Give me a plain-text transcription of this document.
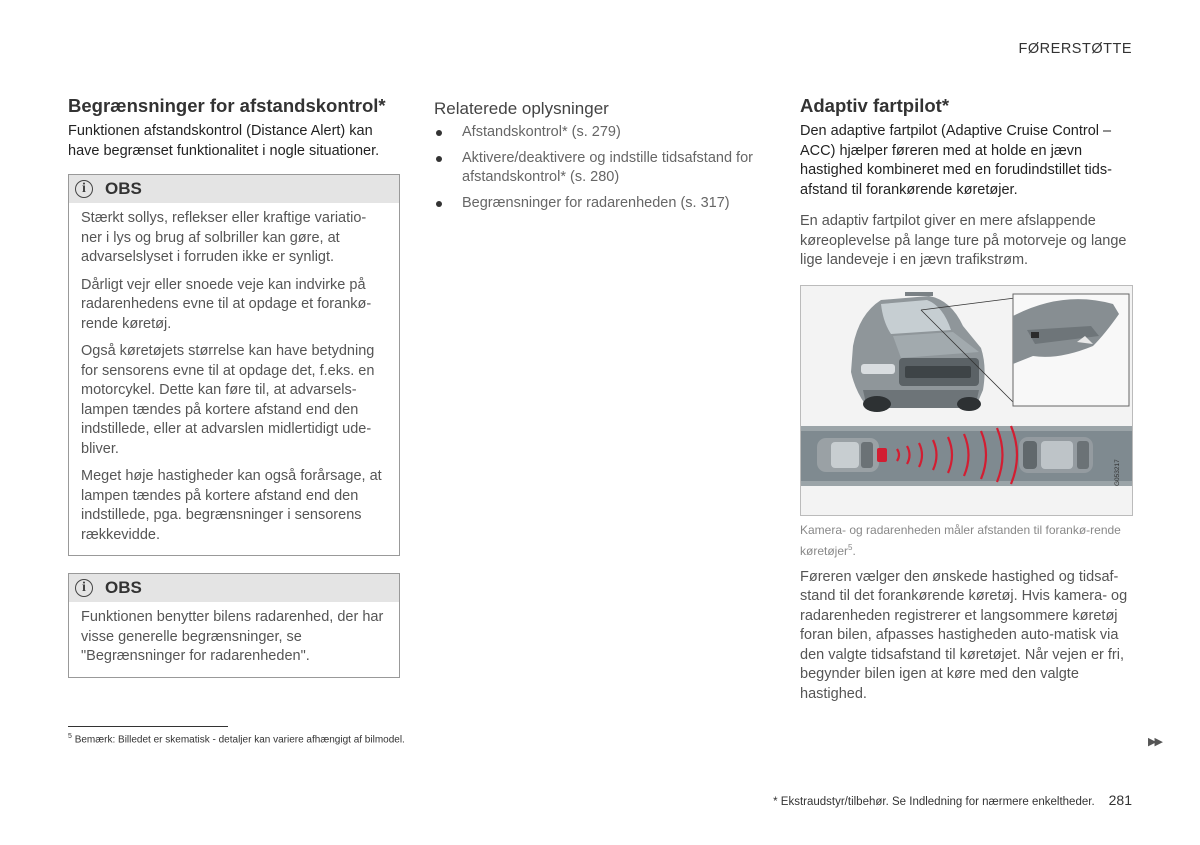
FØRERSTØTTE
Begrænsninger for afstandskontrol*

Funktionen afstandskontrol (Distance Alert) kan have begrænset funktionalitet i nogle situationer.

i	OBS

Stærkt sollys, reflekser eller kraftige variatio-ner i lys og brug af solbriller kan gøre, at advarselslyset i forruden ikke er synligt.

Dårligt vejr eller snoede veje kan indvirke på radarenhedens evne til at opdage et forankø-rende køretøj.

Også køretøjets størrelse kan have betydning for sensorens evne til at opdage det, f.eks. en motorcykel. Dette kan føre til, at advarsels-lampen tændes på kortere afstand end den indstillede, eller at advarslen midlertidigt ude-bliver.

Meget høje hastigheder kan også forårsage, at lampen tændes på kortere afstand end den indstillede, pga. begrænsninger i sensorens rækkevidde.

i	OBS

Funktionen benytter bilens radarenhed, der har visse generelle begrænsninger, se "Begrænsninger for radarenheden".

Relaterede oplysninger
Afstandskontrol* (s. 279)
Aktivere/deaktivere og indstille tidsafstand for afstandskontrol* (s. 280)
Begrænsninger for radarenheden (s. 317)
Adaptiv fartpilot*

Den adaptive fartpilot (Adaptive Cruise Control – ACC) hjælper føreren med at holde en jævn hastighed kombineret med en forudindstillet tids-afstand til forankørende køretøjer.

En adaptiv fartpilot giver en mere afslappende køreoplevelse på lange ture på motorveje og lange lige landeveje i en jævn trafikstrøm.

G053217
Kamera- og radarenheden måler afstanden til forankø-rende køretøjer$^5$.

Føreren vælger den ønskede hastighed og tidsaf-stand til det forankørende køretøj. Hvis kamera- og radarenheden registrerer et langsommere køretøj foran bilen, afpasses hastigheden auto-matisk via den valgte tidsafstand til køretøjet. Når vejen er fri, begynder bilen igen at køre med den valgte hastighed.

$^5$ Bemærk: Billedet er skematisk - detaljer kan variere afhængigt af bilmodel.	▶▶
* Ekstraudstyr/tilbehør. Se Indledning for nærmere enkeltheder. 281
